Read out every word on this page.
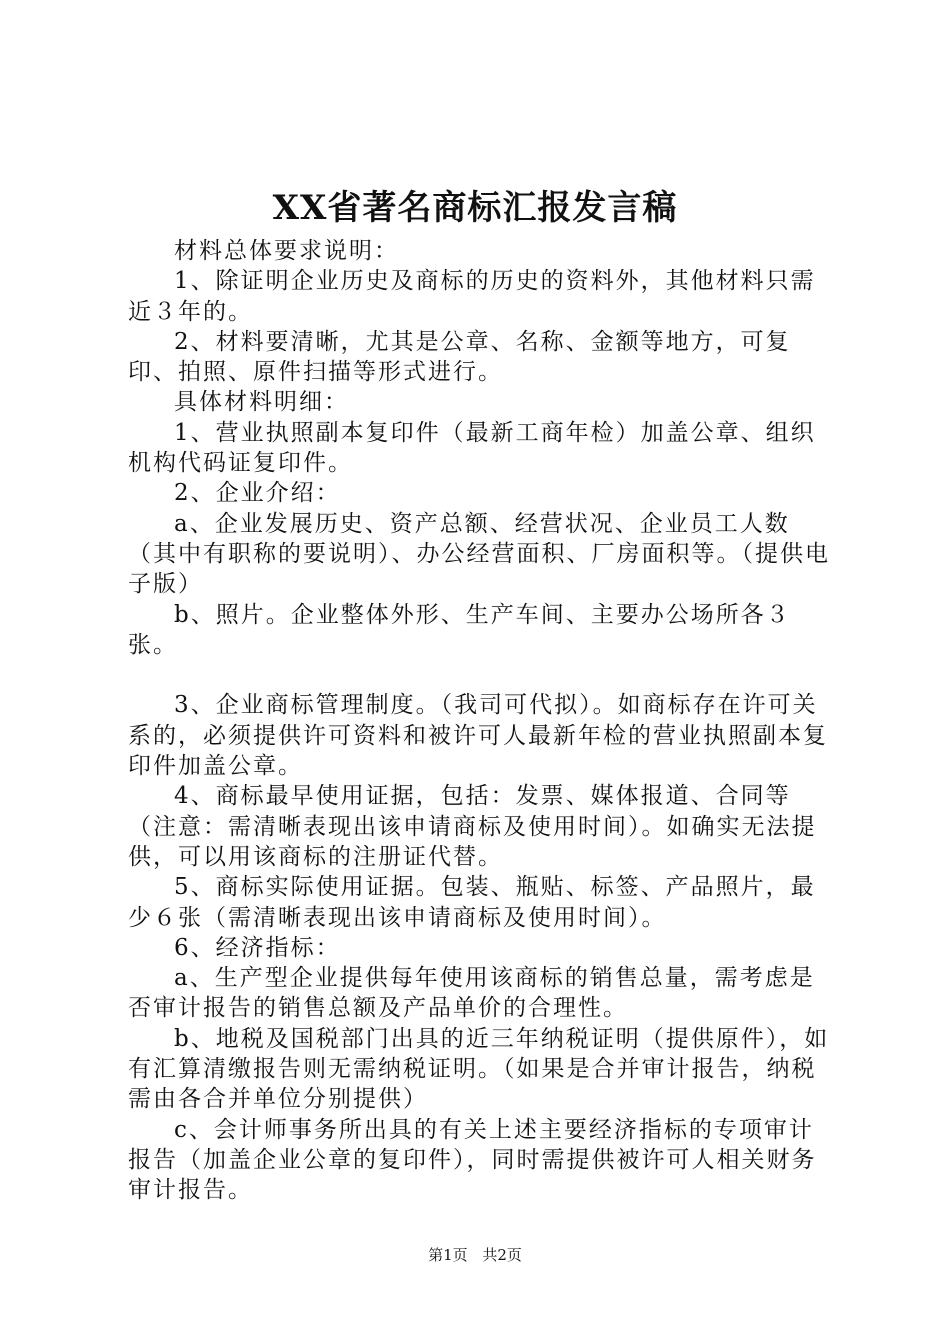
XX省著名商标汇报发言稿

材料总体要求说明：

1、除证明企业历史及商标的历史的资料外，其他材料只需近３年的。

2、材料要清晰，尤其是公章、名称、金额等地方，可复印、拍照、原件扫描等形式进行。

具体材料明细：

1、营业执照副本复印件（最新工商年检）加盖公章、组织机构代码证复印件。

2、企业介绍：

a、企业发展历史、资产总额、经营状况、企业员工人数（其中有职称的要说明）、办公经营面积、厂房面积等。（提供电子版）

b、照片。企业整体外形、生产车间、主要办公场所各３张。

3、企业商标管理制度。（我司可代拟）。如商标存在许可关系的，必须提供许可资料和被许可人最新年检的营业执照副本复印件加盖公章。

4、商标最早使用证据，包括：发票、媒体报道、合同等（注意：需清晰表现出该申请商标及使用时间）。如确实无法提供，可以用该商标的注册证代替。

5、商标实际使用证据。包装、瓶贴、标签、产品照片，最少６张（需清晰表现出该申请商标及使用时间）。

6、经济指标：

a、生产型企业提供每年使用该商标的销售总量，需考虑是否审计报告的销售总额及产品单价的合理性。

b、地税及国税部门出具的近三年纳税证明（提供原件），如有汇算清缴报告则无需纳税证明。（如果是合并审计报告，纳税需由各合并单位分别提供）

c、会计师事务所出具的有关上述主要经济指标的专项审计报告（加盖企业公章的复印件），同时需提供被许可人相关财务审计报告。

第1页 共2页
